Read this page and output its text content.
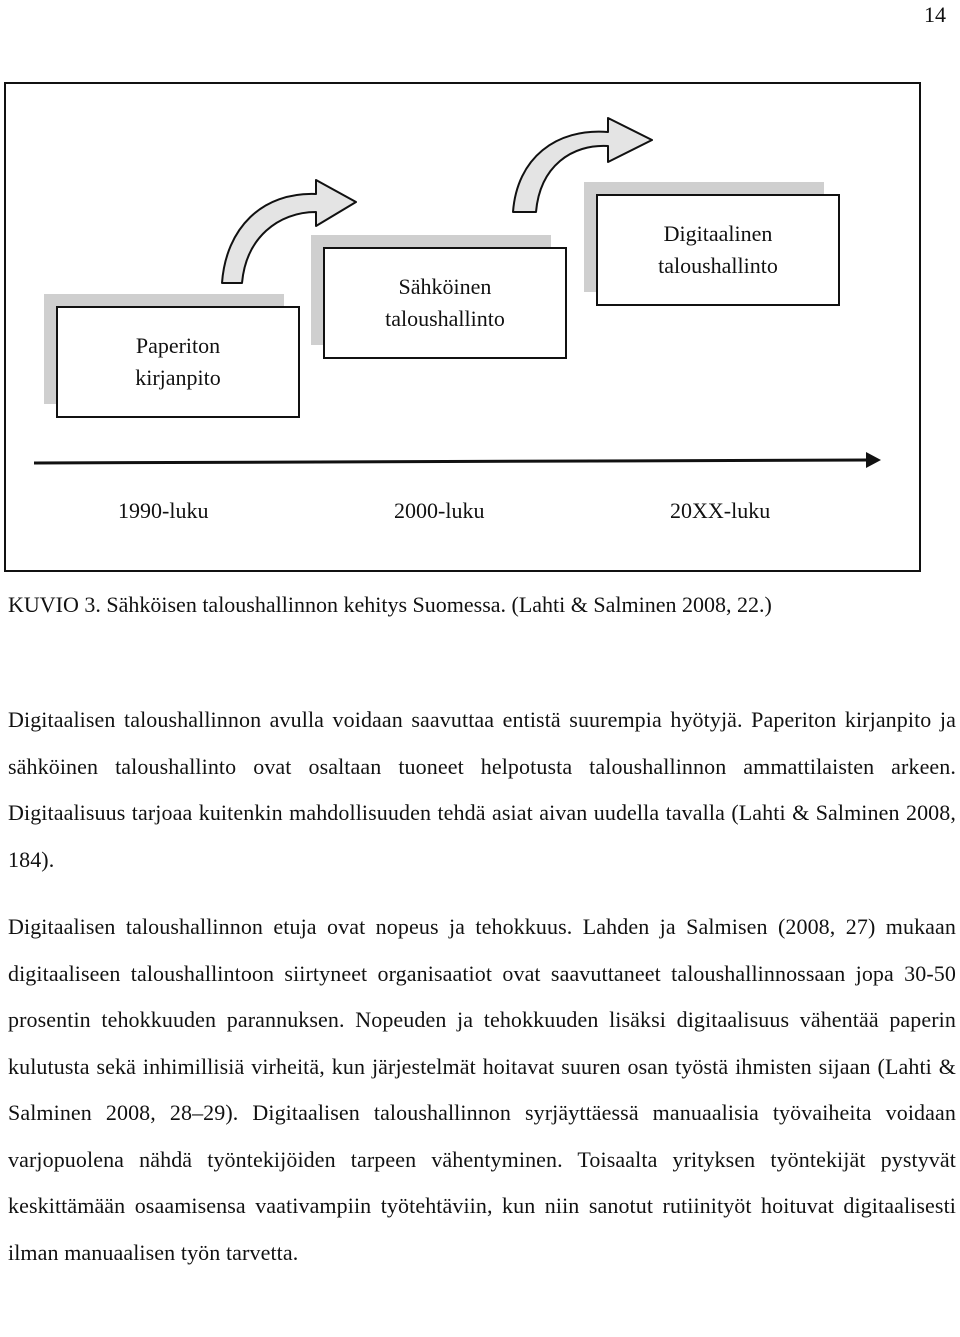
14
Paperiton
kirjanpito
Sähköinen
taloushallinto
Digitaalinen
taloushallinto
1990-luku	2000-luku	20XX-luku
KUVIO 3. Sähköisen taloushallinnon kehitys Suomessa. (Lahti & Salminen 2008, 22.)

Digitaalisen taloushallinnon avulla voidaan saavuttaa entistä suurempia hyötyjä. Paperiton kirjanpito ja sähköinen taloushallinto ovat osaltaan tuoneet helpotusta taloushallinnon ammattilaisten arkeen. Digitaalisuus tarjoaa kuitenkin mahdollisuuden tehdä asiat aivan uudella tavalla (Lahti & Salminen 2008, 184).

Digitaalisen taloushallinnon etuja ovat nopeus ja tehokkuus. Lahden ja Salmisen (2008, 27) mukaan digitaaliseen taloushallintoon siirtyneet organisaatiot ovat saavuttaneet taloushallinnossaan jopa 30-50 prosentin tehokkuuden parannuksen. Nopeuden ja tehokkuuden lisäksi digitaalisuus vähentää paperin kulutusta sekä inhimillisiä virheitä, kun järjestelmät hoitavat suuren osan työstä ihmisten sijaan (Lahti & Salminen 2008, 28–29). Digitaalisen taloushallinnon syrjäyttäessä manuaalisia työvaiheita voidaan varjopuolena nähdä työntekijöiden tarpeen vähentyminen. Toisaalta yrityksen työntekijät pystyvät keskittämään osaamisensa vaativampiin työtehtäviin, kun niin sanotut rutiinityöt hoituvat digitaalisesti ilman manuaalisen työn tarvetta.
